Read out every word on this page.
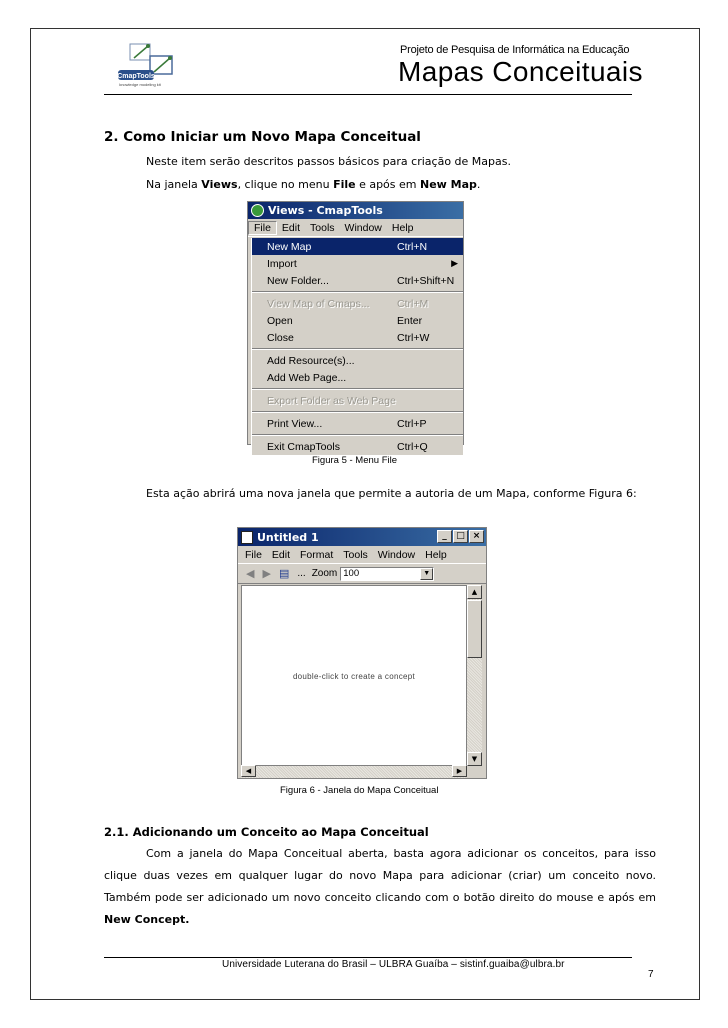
CmapTools
knowledge modeling kit
Projeto de Pesquisa de Informática na Educação
Mapas Conceituais
2. Como Iniciar um Novo Mapa Conceitual
Neste item serão descritos passos básicos para criação de Mapas.
Na janela Views, clique no menu File e após em New Map.
Views - CmapTools
File	Edit Tools Window Help
New Map	Ctrl+N
Import	▶
New Folder...	Ctrl+Shift+N
View Map of Cmaps...	Ctrl+M
Open	Enter
Close	Ctrl+W
Add Resource(s)...
Add Web Page...
Export Folder as Web Page
Print View...	Ctrl+P
Exit CmapTools	Ctrl+Q
Figura 5 - Menu File
Esta ação abrirá uma nova janela que permite a autoria de um Mapa, conforme Figura 6:
Untitled 1	_	□ ×
File Edit Format Tools Window Help
◀ ▶ ▤ ... Zoom 100	▼
double-click to create a concept
▲
▼
◀	▶
Figura 6 - Janela do Mapa Conceitual
2.1. Adicionando um Conceito ao Mapa Conceitual
Com a janela do Mapa Conceitual aberta, basta agora adicionar os conceitos, para isso clique duas vezes em qualquer lugar do novo Mapa para adicionar (criar) um conceito novo. Também pode ser adicionado um novo conceito clicando com o botão direito do mouse e após em New Concept.
Universidade Luterana do Brasil – ULBRA Guaíba – sistinf.guaiba@ulbra.br
7
